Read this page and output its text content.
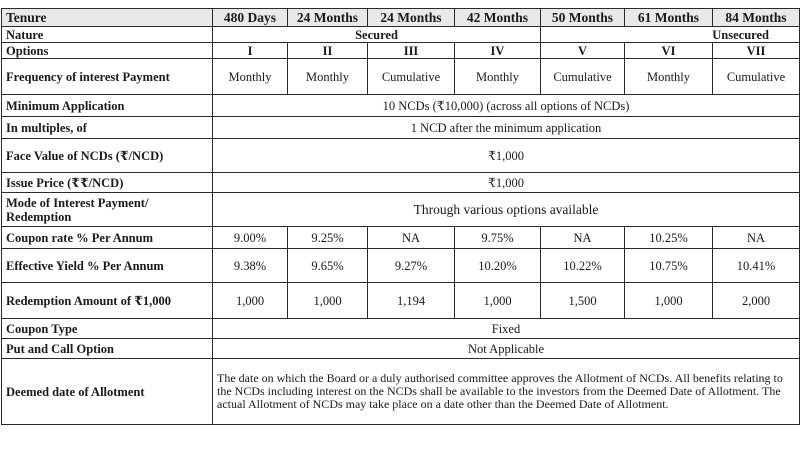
Tenure	480 Days	24 Months	24 Months	42 Months	50 Months	61 Months	84 Months
Nature	Secured				Unsecured		
Options	I	II	III	IV	V	VI	VII
Frequency of interest Payment	Monthly	Monthly	Cumulative	Monthly	Cumulative	Monthly	Cumulative
Minimum Application	10 NCDs (₹10,000) (across all options of NCDs)						
In multiples, of	1 NCD after the minimum application						
Face Value of NCDs (₹/NCD)	₹1,000						
Issue Price (₹₹/NCD)	₹1,000						
Mode of Interest Payment/ Redemption	Through various options available						
Coupon rate % Per Annum	9.00%	9.25%	NA	9.75%	NA	10.25%	NA
Effective Yield % Per Annum	9.38%	9.65%	9.27%	10.20%	10.22%	10.75%	10.41%
Redemption Amount of ₹1,000	1,000	1,000	1,194	1,000	1,500	1,000	2,000
Coupon Type	Fixed						
Put and Call Option	Not Applicable						
Deemed date of Allotment	The date on which the Board or a duly authorised committee approves the Allotment of NCDs. All benefits relating to the NCDs including interest on the NCDs shall be available to the investors from the Deemed Date of Allotment. The actual Allotment of NCDs may take place on a date other than the Deemed Date of Allotment.						
